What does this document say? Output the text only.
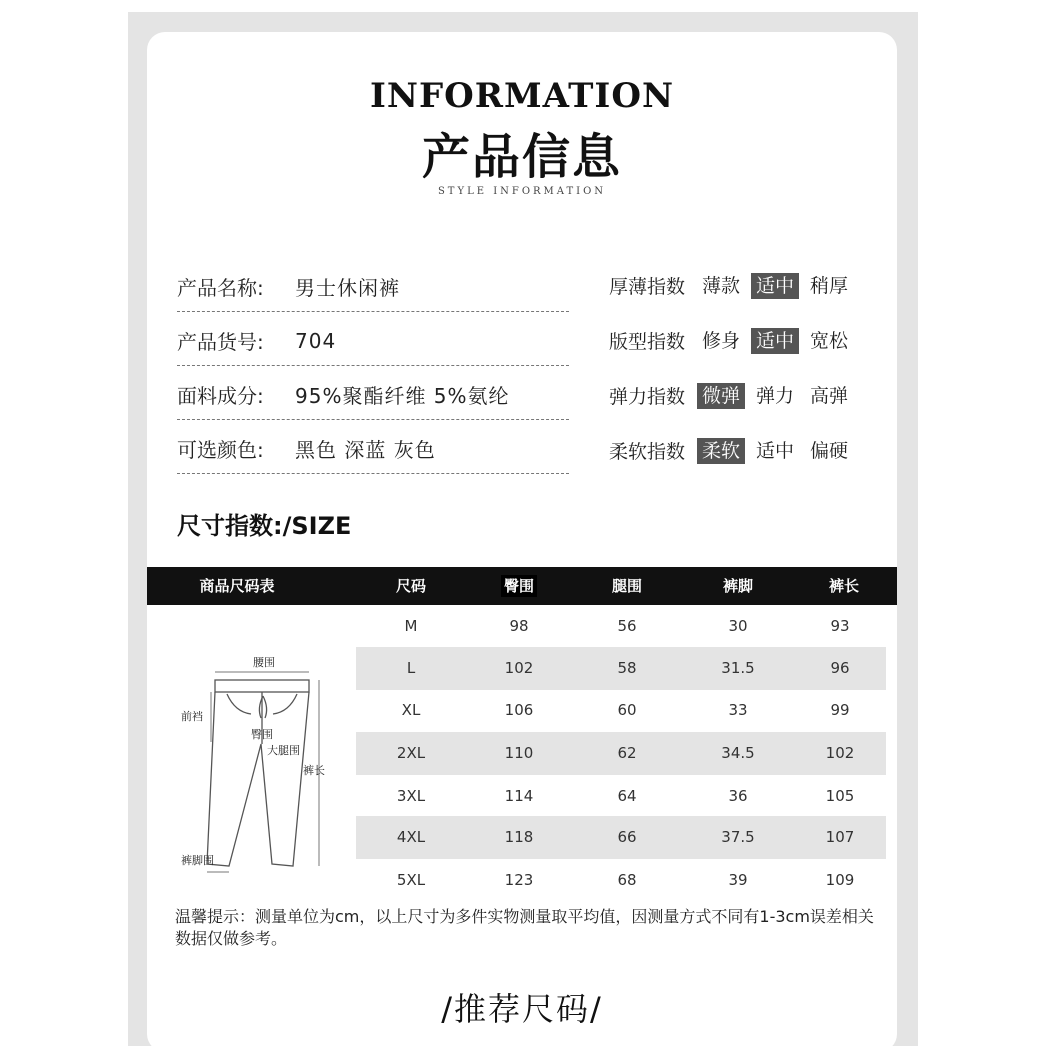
INFORMATION
产品信息
STYLE INFORMATION
产品名称:	男士休闲裤
产品货号:	704
面料成分:	95%聚酯纤维 5%氨纶
可选颜色:	黑色 深蓝 灰色
厚薄指数 薄款 适中 稍厚
版型指数 修身 适中 宽松
弹力指数 微弹 弹力 高弹
柔软指数 柔软 适中 偏硬
尺寸指数:/SIZE
商品尺码表	尺码	臀围	腿围	裤脚	裤长
M	98	56	30	93
L	102	58	31.5	96
XL	106	60	33	99
2XL	110	62	34.5	102
3XL	114	64	36	105
4XL	118	66	37.5	107
5XL	123	68	39	109
腰围
前裆
臀围
大腿围
裤长
裤脚围
温馨提示：测量单位为cm，以上尺寸为多件实物测量取平均值，因测量方式不同有1-3cm误差相关数据仅做参考。
/推荐尺码/
